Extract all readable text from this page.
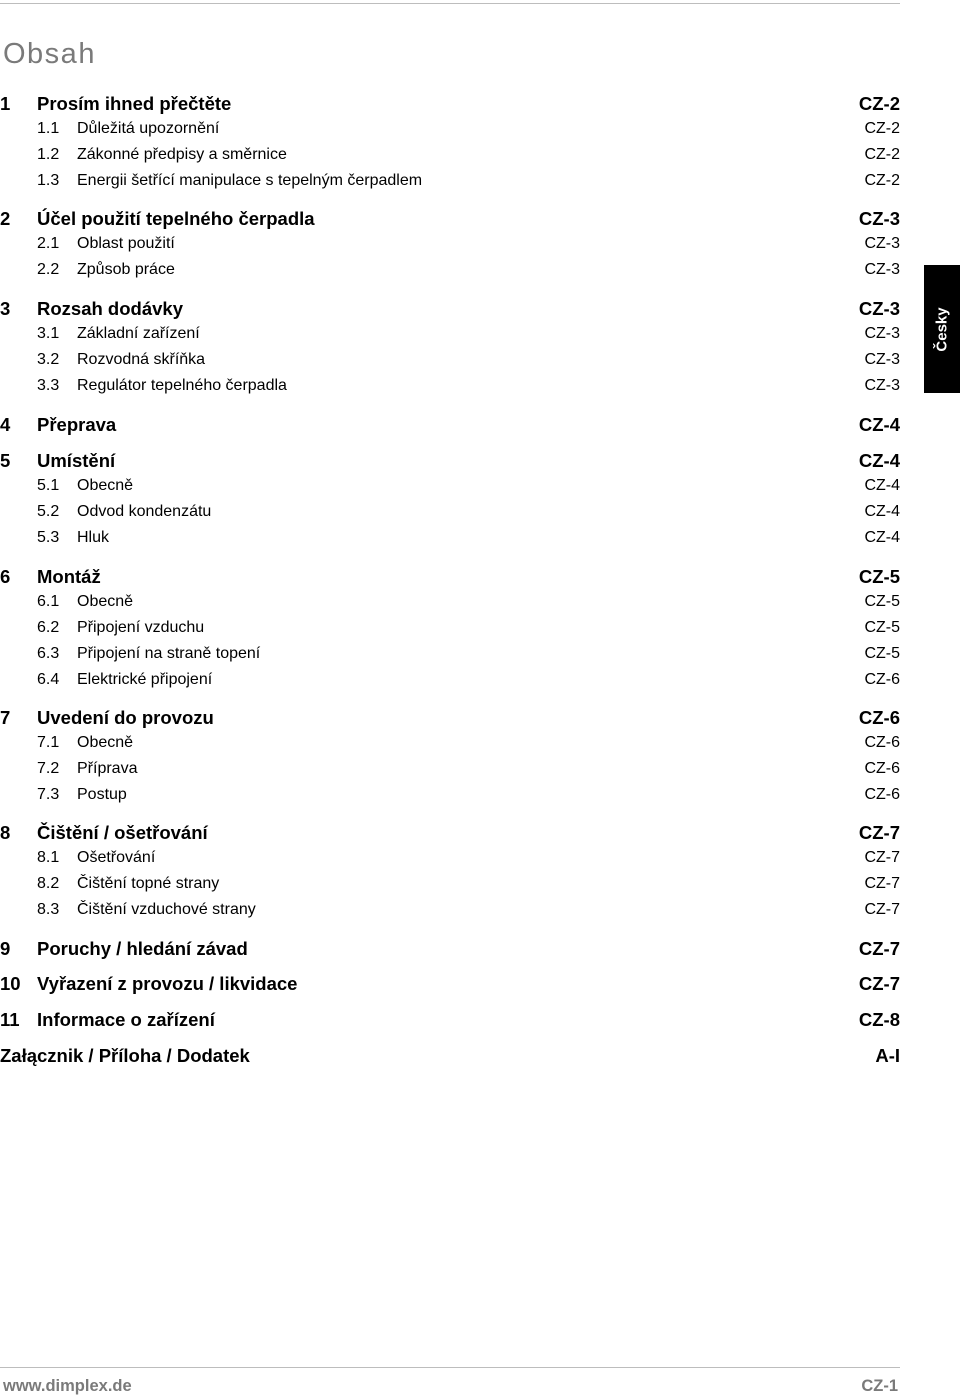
Obsah
1	Prosím ihned přečtěte	CZ-2
1.1	Důležitá upozornění	CZ-2
1.2	Zákonné předpisy a směrnice	CZ-2
1.3	Energii šetřící manipulace s tepelným čerpadlem	CZ-2
2	Účel použití tepelného čerpadla	CZ-3
2.1	Oblast použití	CZ-3
2.2	Způsob práce	CZ-3
3	Rozsah dodávky	CZ-3
3.1	Základní zařízení	CZ-3
3.2	Rozvodná skříňka	CZ-3
3.3	Regulátor tepelného čerpadla	CZ-3
4	Přeprava	CZ-4
5	Umístění	CZ-4
5.1	Obecně	CZ-4
5.2	Odvod kondenzátu	CZ-4
5.3	Hluk	CZ-4
6	Montáž	CZ-5
6.1	Obecně	CZ-5
6.2	Připojení vzduchu	CZ-5
6.3	Připojení na straně topení	CZ-5
6.4	Elektrické připojení	CZ-6
7	Uvedení do provozu	CZ-6
7.1	Obecně	CZ-6
7.2	Příprava	CZ-6
7.3	Postup	CZ-6
8	Čištění / ošetřování	CZ-7
8.1	Ošetřování	CZ-7
8.2	Čištění topné strany	CZ-7
8.3	Čištění vzduchové strany	CZ-7
9	Poruchy / hledání závad	CZ-7
10 Vyřazení z provozu / likvidace	CZ-7
11 Informace o zařízení	CZ-8
Załącznik / Příloha / Dodatek	A-I
Česky
www.dimplex.de	CZ-1
